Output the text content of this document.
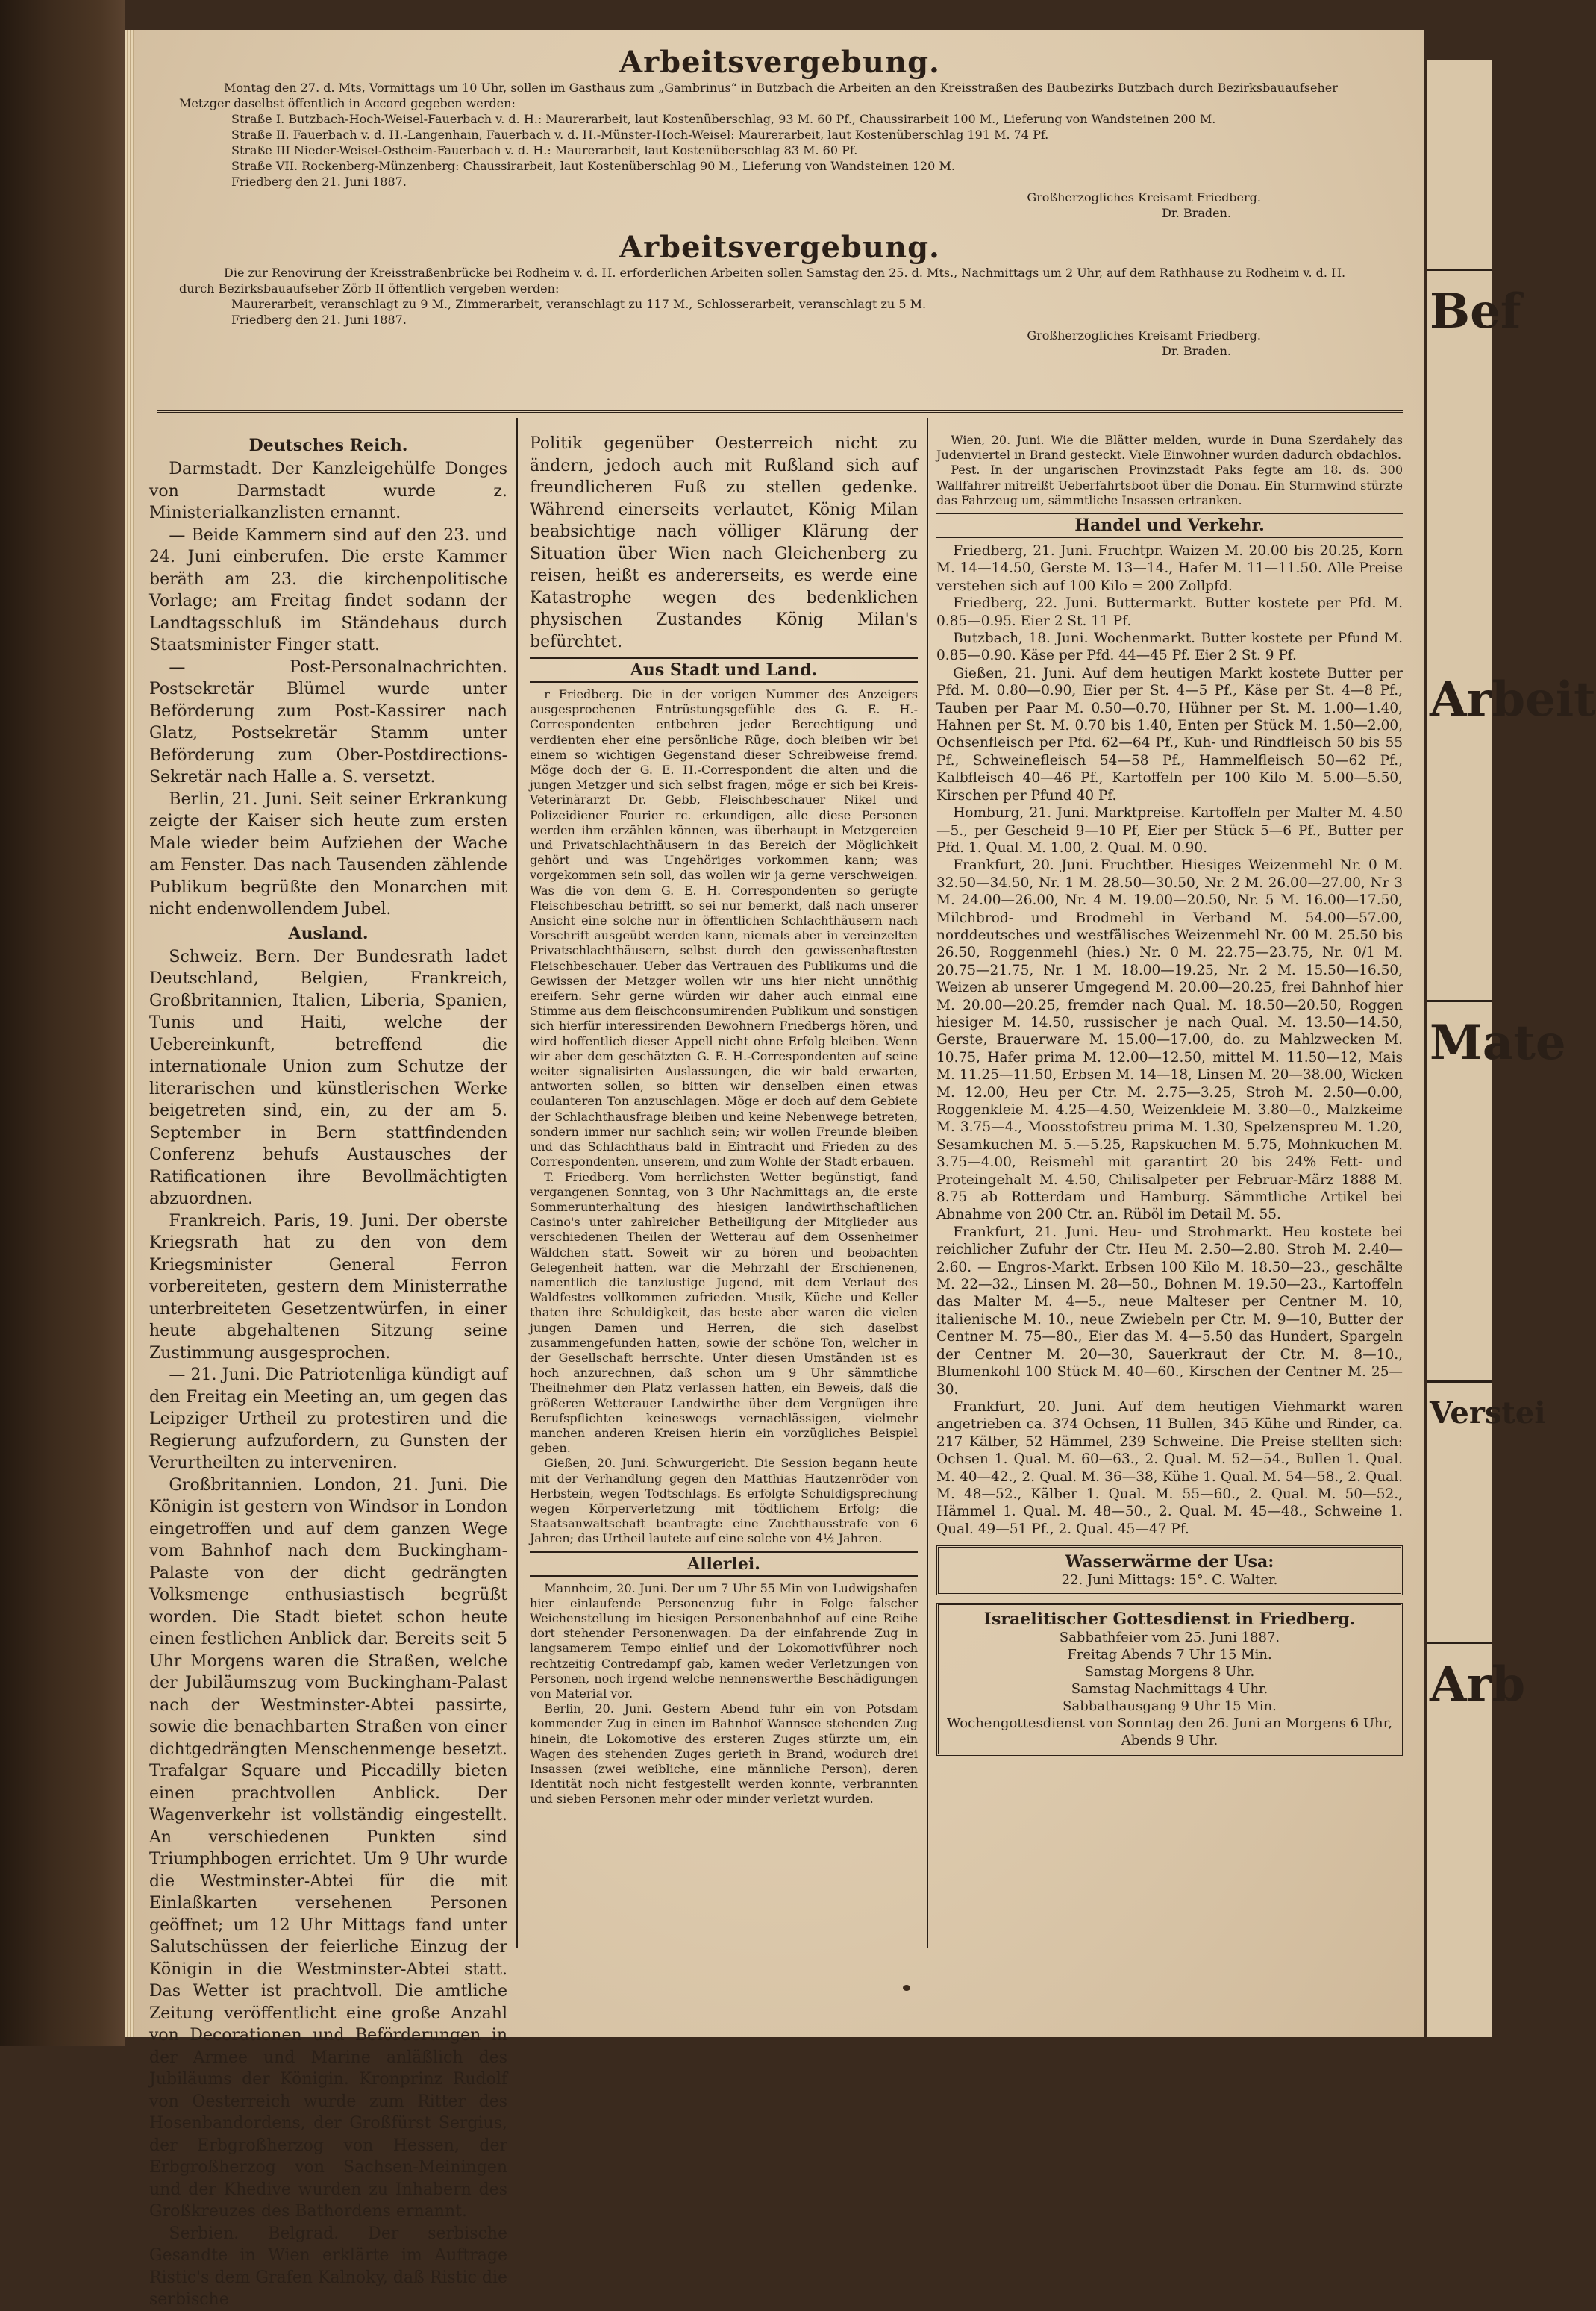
Arbeitsvergebung.

Montag den 27. d. Mts, Vormittags um 10 Uhr, sollen im Gasthaus zum „Gambrinus“ in Butzbach die Arbeiten an den Kreisstraßen des Baubezirks Butzbach durch Bezirksbauaufseher Metzger daselbst öffentlich in Accord gegeben werden:

Straße I. Butzbach-Hoch-Weisel-Fauerbach v. d. H.: Maurerarbeit, laut Kostenüberschlag, 93 M. 60 Pf., Chaussirarbeit 100 M., Lieferung von Wandsteinen 200 M.

Straße II. Fauerbach v. d. H.-Langenhain, Fauerbach v. d. H.-Münster-Hoch-Weisel: Maurerarbeit, laut Kostenüberschlag 191 M. 74 Pf.

Straße III Nieder-Weisel-Ostheim-Fauerbach v. d. H.: Maurerarbeit, laut Kostenüberschlag 83 M. 60 Pf.

Straße VII. Rockenberg-Münzenberg: Chaussirarbeit, laut Kostenüberschlag 90 M., Lieferung von Wandsteinen 120 M.

Friedberg den 21. Juni 1887.

Großherzogliches Kreisamt Friedberg.

Dr. Braden.

Arbeitsvergebung.

Die zur Renovirung der Kreisstraßenbrücke bei Rodheim v. d. H. erforderlichen Arbeiten sollen Samstag den 25. d. Mts., Nachmittags um 2 Uhr, auf dem Rathhause zu Rodheim v. d. H. durch Bezirksbauaufseher Zörb II öffentlich vergeben werden:

Maurerarbeit, veranschlagt zu 9 M., Zimmerarbeit, veranschlagt zu 117 M., Schlosserarbeit, veranschlagt zu 5 M.

Friedberg den 21. Juni 1887.

Großherzogliches Kreisamt Friedberg.

Dr. Braden.

Deutsches Reich.

Darmstadt. Der Kanzleigehülfe Donges von Darmstadt wurde z. Ministerialkanzlisten ernannt.

— Beide Kammern sind auf den 23. und 24. Juni einberufen. Die erste Kammer beräth am 23. die kirchenpolitische Vorlage; am Freitag findet sodann der Landtagsschluß im Ständehaus durch Staatsminister Finger statt.

— Post-Personalnachrichten. Postsekretär Blümel wurde unter Beförderung zum Post-Kassirer nach Glatz, Postsekretär Stamm unter Beförderung zum Ober-Postdirections-Sekretär nach Halle a. S. versetzt.

Berlin, 21. Juni. Seit seiner Erkrankung zeigte der Kaiser sich heute zum ersten Male wieder beim Aufziehen der Wache am Fenster. Das nach Tausenden zählende Publikum begrüßte den Monarchen mit nicht endenwollendem Jubel.

Ausland.

Schweiz. Bern. Der Bundesrath ladet Deutschland, Belgien, Frankreich, Großbritannien, Italien, Liberia, Spanien, Tunis und Haiti, welche der Uebereinkunft, betreffend die internationale Union zum Schutze der literarischen und künstlerischen Werke beigetreten sind, ein, zu der am 5. September in Bern stattfindenden Conferenz behufs Austausches der Ratificationen ihre Bevollmächtigten abzuordnen.

Frankreich. Paris, 19. Juni. Der oberste Kriegsrath hat zu den von dem Kriegsminister General Ferron vorbereiteten, gestern dem Ministerrathe unterbreiteten Gesetzentwürfen, in einer heute abgehaltenen Sitzung seine Zustimmung ausgesprochen.

— 21. Juni. Die Patriotenliga kündigt auf den Freitag ein Meeting an, um gegen das Leipziger Urtheil zu protestiren und die Regierung aufzufordern, zu Gunsten der Verurtheilten zu interveniren.

Großbritannien. London, 21. Juni. Die Königin ist gestern von Windsor in London eingetroffen und auf dem ganzen Wege vom Bahnhof nach dem Buckingham-Palaste von der dicht gedrängten Volksmenge enthusiastisch begrüßt worden. Die Stadt bietet schon heute einen festlichen Anblick dar. Bereits seit 5 Uhr Morgens waren die Straßen, welche der Jubiläumszug vom Buckingham-Palast nach der Westminster-Abtei passirte, sowie die benachbarten Straßen von einer dichtgedrängten Menschenmenge besetzt. Trafalgar Square und Piccadilly bieten einen prachtvollen Anblick. Der Wagenverkehr ist vollständig eingestellt. An verschiedenen Punkten sind Triumphbogen errichtet. Um 9 Uhr wurde die Westminster-Abtei für die mit Einlaßkarten versehenen Personen geöffnet; um 12 Uhr Mittags fand unter Salutschüssen der feierliche Einzug der Königin in die Westminster-Abtei statt. Das Wetter ist prachtvoll. Die amtliche Zeitung veröffentlicht eine große Anzahl von Decorationen und Beförderungen in der Armee und Marine anläßlich des Jubiläums der Königin. Kronprinz Rudolf von Oesterreich wurde zum Ritter des Hosenbandordens, der Großfürst Sergius, der Erbgroßherzog von Hessen, der Erbgroßherzog von Sachsen-Meiningen und der Khedive wurden zu Inhabern des Großkreuzes des Bathordens ernannt.

Serbien. Belgrad. Der serbische Gesandte in Wien erklärte im Auftrage Ristic's dem Grafen Kalnoky, daß Ristic die serbische

Politik gegenüber Oesterreich nicht zu ändern, jedoch auch mit Rußland sich auf freundlicheren Fuß zu stellen gedenke. Während einerseits verlautet, König Milan beabsichtige nach völliger Klärung der Situation über Wien nach Gleichenberg zu reisen, heißt es andererseits, es werde eine Katastrophe wegen des bedenklichen physischen Zustandes König Milan's befürchtet.

Aus Stadt und Land.

r Friedberg. Die in der vorigen Nummer des Anzeigers ausgesprochenen Entrüstungsgefühle des G. E. H.-Correspondenten entbehren jeder Berechtigung und verdienten eher eine persönliche Rüge, doch bleiben wir bei einem so wichtigen Gegenstand dieser Schreibweise fremd. Möge doch der G. E. H.-Correspondent die alten und die jungen Metzger und sich selbst fragen, möge er sich bei Kreis-Veterinärarzt Dr. Gebb, Fleischbeschauer Nikel und Polizeidiener Fourier rc. erkundigen, alle diese Personen werden ihm erzählen können, was überhaupt in Metzgereien und Privatschlachthäusern in das Bereich der Möglichkeit gehört und was Ungehöriges vorkommen kann; was vorgekommen sein soll, das wollen wir ja gerne verschweigen. Was die von dem G. E. H. Correspondenten so gerügte Fleischbeschau betrifft, so sei nur bemerkt, daß nach unserer Ansicht eine solche nur in öffentlichen Schlachthäusern nach Vorschrift ausgeübt werden kann, niemals aber in vereinzelten Privatschlachthäusern, selbst durch den gewissenhaftesten Fleischbeschauer. Ueber das Vertrauen des Publikums und die Gewissen der Metzger wollen wir uns hier nicht unnöthig ereifern. Sehr gerne würden wir daher auch einmal eine Stimme aus dem fleischconsumirenden Publikum und sonstigen sich hierfür interessirenden Bewohnern Friedbergs hören, und wird hoffentlich dieser Appell nicht ohne Erfolg bleiben. Wenn wir aber dem geschätzten G. E. H.-Correspondenten auf seine weiter signalisirten Auslassungen, die wir bald erwarten, antworten sollen, so bitten wir denselben einen etwas coulanteren Ton anzuschlagen. Möge er doch auf dem Gebiete der Schlachthausfrage bleiben und keine Nebenwege betreten, sondern immer nur sachlich sein; wir wollen Freunde bleiben und das Schlachthaus bald in Eintracht und Frieden zu des Correspondenten, unserem, und zum Wohle der Stadt erbauen.

T. Friedberg. Vom herrlichsten Wetter begünstigt, fand vergangenen Sonntag, von 3 Uhr Nachmittags an, die erste Sommerunterhaltung des hiesigen landwirthschaftlichen Casino's unter zahlreicher Betheiligung der Mitglieder aus verschiedenen Theilen der Wetterau auf dem Ossenheimer Wäldchen statt. Soweit wir zu hören und beobachten Gelegenheit hatten, war die Mehrzahl der Erschienenen, namentlich die tanzlustige Jugend, mit dem Verlauf des Waldfestes vollkommen zufrieden. Musik, Küche und Keller thaten ihre Schuldigkeit, das beste aber waren die vielen jungen Damen und Herren, die sich daselbst zusammengefunden hatten, sowie der schöne Ton, welcher in der Gesellschaft herrschte. Unter diesen Umständen ist es hoch anzurechnen, daß schon um 9 Uhr sämmtliche Theilnehmer den Platz verlassen hatten, ein Beweis, daß die größeren Wetterauer Landwirthe über dem Vergnügen ihre Berufspflichten keineswegs vernachlässigen, vielmehr manchen anderen Kreisen hierin ein vorzügliches Beispiel geben.

Gießen, 20. Juni. Schwurgericht. Die Session begann heute mit der Verhandlung gegen den Matthias Hautzenröder von Herbstein, wegen Todtschlags. Es erfolgte Schuldigsprechung wegen Körperverletzung mit tödtlichem Erfolg; die Staatsanwaltschaft beantragte eine Zuchthausstrafe von 6 Jahren; das Urtheil lautete auf eine solche von 4½ Jahren.

Allerlei.

Mannheim, 20. Juni. Der um 7 Uhr 55 Min von Ludwigshafen hier einlaufende Personenzug fuhr in Folge falscher Weichenstellung im hiesigen Personenbahnhof auf eine Reihe dort stehender Personenwagen. Da der einfahrende Zug in langsamerem Tempo einlief und der Lokomotivführer noch rechtzeitig Contredampf gab, kamen weder Verletzungen von Personen, noch irgend welche nennenswerthe Beschädigungen von Material vor.

Berlin, 20. Juni. Gestern Abend fuhr ein von Potsdam kommender Zug in einen im Bahnhof Wannsee stehenden Zug hinein, die Lokomotive des ersteren Zuges stürzte um, ein Wagen des stehenden Zuges gerieth in Brand, wodurch drei Insassen (zwei weibliche, eine männliche Person), deren Identität noch nicht festgestellt werden konnte, verbrannten und sieben Personen mehr oder minder verletzt wurden.

Wien, 20. Juni. Wie die Blätter melden, wurde in Duna Szerdahely das Judenviertel in Brand gesteckt. Viele Einwohner wurden dadurch obdachlos.

Pest. In der ungarischen Provinzstadt Paks fegte am 18. ds. 300 Wallfahrer mitreißt Ueberfahrtsboot über die Donau. Ein Sturmwind stürzte das Fahrzeug um, sämmtliche Insassen ertranken.

Handel und Verkehr.

Friedberg, 21. Juni. Fruchtpr. Waizen M. 20.00 bis 20.25, Korn M. 14—14.50, Gerste M. 13—14., Hafer M. 11—11.50. Alle Preise verstehen sich auf 100 Kilo = 200 Zollpfd.

Friedberg, 22. Juni. Buttermarkt. Butter kostete per Pfd. M. 0.85—0.95. Eier 2 St. 11 Pf.

Butzbach, 18. Juni. Wochenmarkt. Butter kostete per Pfund M. 0.85—0.90. Käse per Pfd. 44—45 Pf. Eier 2 St. 9 Pf.

Gießen, 21. Juni. Auf dem heutigen Markt kostete Butter per Pfd. M. 0.80—0.90, Eier per St. 4—5 Pf., Käse per St. 4—8 Pf., Tauben per Paar M. 0.50—0.70, Hühner per St. M. 1.00—1.40, Hahnen per St. M. 0.70 bis 1.40, Enten per Stück M. 1.50—2.00, Ochsenfleisch per Pfd. 62—64 Pf., Kuh- und Rindfleisch 50 bis 55 Pf., Schweinefleisch 54—58 Pf., Hammelfleisch 50—62 Pf., Kalbfleisch 40—46 Pf., Kartoffeln per 100 Kilo M. 5.00—5.50, Kirschen per Pfund 40 Pf.

Homburg, 21. Juni. Marktpreise. Kartoffeln per Malter M. 4.50—5., per Gescheid 9—10 Pf, Eier per Stück 5—6 Pf., Butter per Pfd. 1. Qual. M. 1.00, 2. Qual. M. 0.90.

Frankfurt, 20. Juni. Fruchtber. Hiesiges Weizenmehl Nr. 0 M. 32.50—34.50, Nr. 1 M. 28.50—30.50, Nr. 2 M. 26.00—27.00, Nr 3 M. 24.00—26.00, Nr. 4 M. 19.00—20.50, Nr. 5 M. 16.00—17.50, Milchbrod- und Brodmehl in Verband M. 54.00—57.00, norddeutsches und westfälisches Weizenmehl Nr. 00 M. 25.50 bis 26.50, Roggenmehl (hies.) Nr. 0 M. 22.75—23.75, Nr. 0/1 M. 20.75—21.75, Nr. 1 M. 18.00—19.25, Nr. 2 M. 15.50—16.50, Weizen ab unserer Umgegend M. 20.00—20.25, frei Bahnhof hier M. 20.00—20.25, fremder nach Qual. M. 18.50—20.50, Roggen hiesiger M. 14.50, russischer je nach Qual. M. 13.50—14.50, Gerste, Brauerware M. 15.00—17.00, do. zu Mahlzwecken M. 10.75, Hafer prima M. 12.00—12.50, mittel M. 11.50—12, Mais M. 11.25—11.50, Erbsen M. 14—18, Linsen M. 20—38.00, Wicken M. 12.00, Heu per Ctr. M. 2.75—3.25, Stroh M. 2.50—0.00, Roggenkleie M. 4.25—4.50, Weizenkleie M. 3.80—0., Malzkeime M. 3.75—4., Moosstofstreu prima M. 1.30, Spelzenspreu M. 1.20, Sesamkuchen M. 5.—5.25, Rapskuchen M. 5.75, Mohnkuchen M. 3.75—4.00, Reismehl mit garantirt 20 bis 24% Fett- und Proteingehalt M. 4.50, Chilisalpeter per Februar-März 1888 M. 8.75 ab Rotterdam und Hamburg. Sämmtliche Artikel bei Abnahme von 200 Ctr. an. Rüböl im Detail M. 55.

Frankfurt, 21. Juni. Heu- und Strohmarkt. Heu kostete bei reichlicher Zufuhr der Ctr. Heu M. 2.50—2.80. Stroh M. 2.40—2.60. — Engros-Markt. Erbsen 100 Kilo M. 18.50—23., geschälte M. 22—32., Linsen M. 28—50., Bohnen M. 19.50—23., Kartoffeln das Malter M. 4—5., neue Malteser per Centner M. 10, italienische M. 10., neue Zwiebeln per Ctr. M. 9—10, Butter der Centner M. 75—80., Eier das M. 4—5.50 das Hundert, Spargeln der Centner M. 20—30, Sauerkraut der Ctr. M. 8—10., Blumenkohl 100 Stück M. 40—60., Kirschen der Centner M. 25—30.

Frankfurt, 20. Juni. Auf dem heutigen Viehmarkt waren angetrieben ca. 374 Ochsen, 11 Bullen, 345 Kühe und Rinder, ca. 217 Kälber, 52 Hämmel, 239 Schweine. Die Preise stellten sich: Ochsen 1. Qual. M. 60—63., 2. Qual. M. 52—54., Bullen 1. Qual. M. 40—42., 2. Qual. M. 36—38, Kühe 1. Qual. M. 54—58., 2. Qual. M. 48—52., Kälber 1. Qual. M. 55—60., 2. Qual. M. 50—52., Hämmel 1. Qual. M. 48—50., 2. Qual. M. 45—48., Schweine 1. Qual. 49—51 Pf., 2. Qual. 45—47 Pf.

Wasserwärme der Usa:
22. Juni Mittags: 15°. C. Walter.
Israelitischer Gottesdienst in Friedberg.
Sabbathfeier vom 25. Juni 1887.
Freitag Abends 7 Uhr 15 Min.
Samstag Morgens 8 Uhr.
Samstag Nachmittags 4 Uhr.
Sabbathausgang 9 Uhr 15 Min.
Wochengottesdienst von Sonntag den 26. Juni an Morgens 6 Uhr, Abends 9 Uhr.
Bef
Arbeit
Mate
Verstei
Arb
